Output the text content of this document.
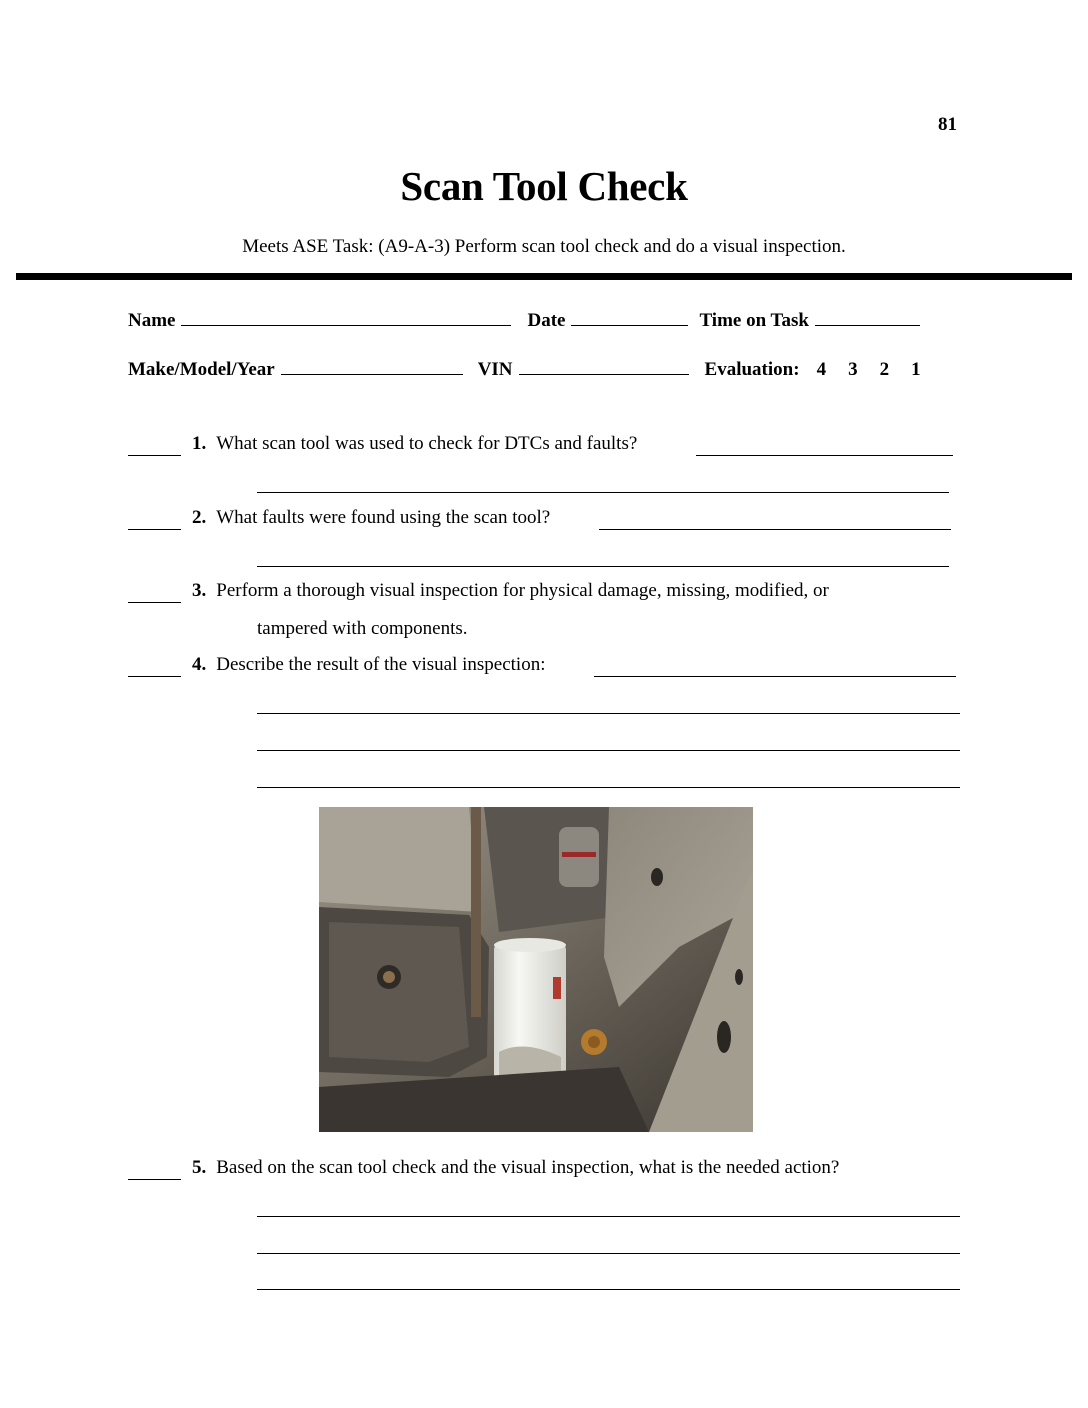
81
Scan Tool Check
Meets ASE Task: (A9-A-3) Perform scan tool check and do a visual inspection.
Name	Date	Time on Task
Make/Model/Year	VIN	Evaluation: 4 3 2 1
1. What scan tool was used to check for DTCs and faults?
2. What faults were found using the scan tool?
3. Perform a thorough visual inspection for physical damage, missing, modified, or
tampered with components.
4. Describe the result of the visual inspection:
5. Based on the scan tool check and the visual inspection, what is the needed action?
